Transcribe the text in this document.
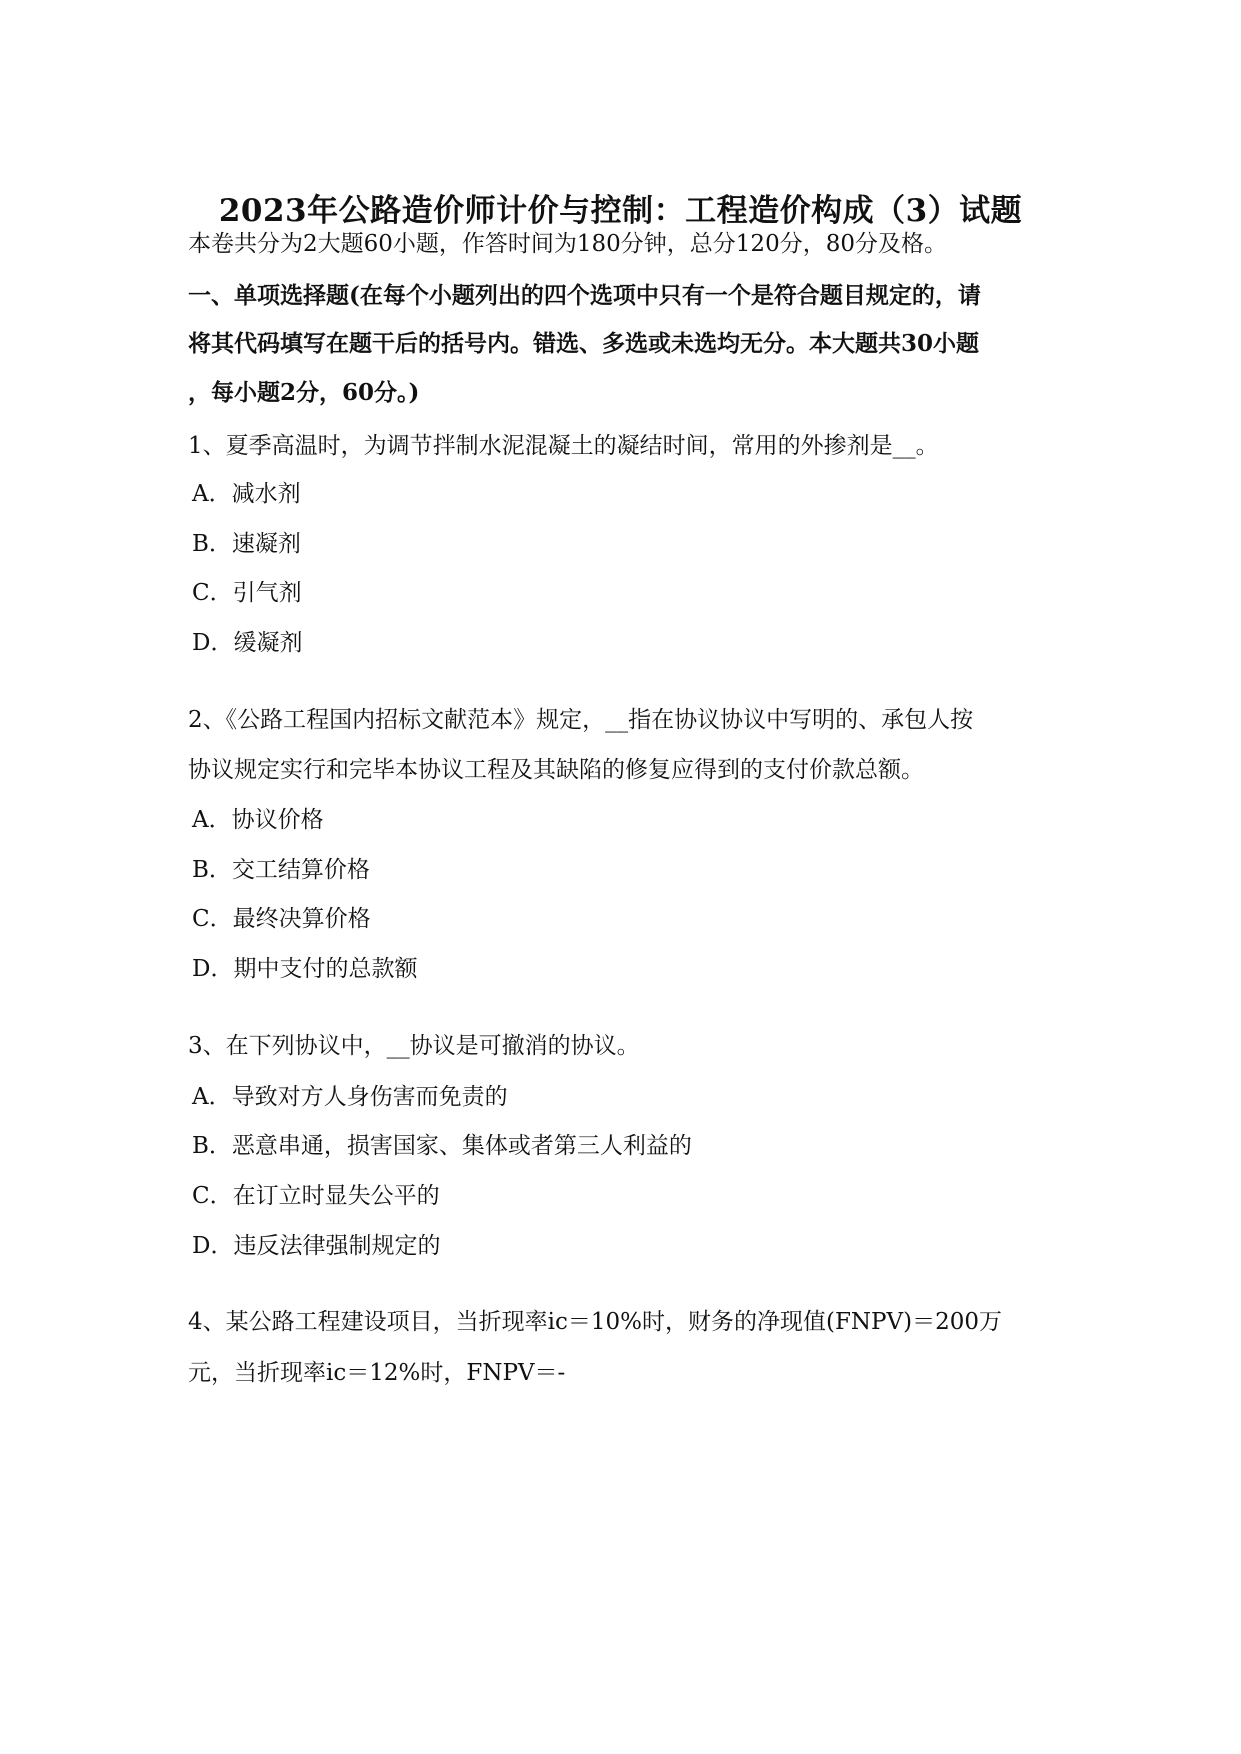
2023年公路造价师计价与控制：工程造价构成（3）试题
本卷共分为2大题60小题，作答时间为180分钟，总分120分，80分及格。
一、单项选择题(在每个小题列出的四个选项中只有一个是符合题目规定的，请
将其代码填写在题干后的括号内。错选、多选或未选均无分。本大题共30小题
，每小题2分，60分。)
1、夏季高温时，为调节拌制水泥混凝土的凝结时间，常用的外掺剂是__。
A．减水剂
B．速凝剂
C．引气剂
D．缓凝剂
2、《公路工程国内招标文献范本》规定，__指在协议协议中写明的、承包人按
协议规定实行和完毕本协议工程及其缺陷的修复应得到的支付价款总额。
A．协议价格
B．交工结算价格
C．最终决算价格
D．期中支付的总款额
3、在下列协议中，__协议是可撤消的协议。
A．导致对方人身伤害而免责的
B．恶意串通，损害国家、集体或者第三人利益的
C．在订立时显失公平的
D．违反法律强制规定的
4、某公路工程建设项目，当折现率ic＝10%时，财务的净现值(FNPV)＝200万
元，当折现率ic＝12%时，FNPV＝-
